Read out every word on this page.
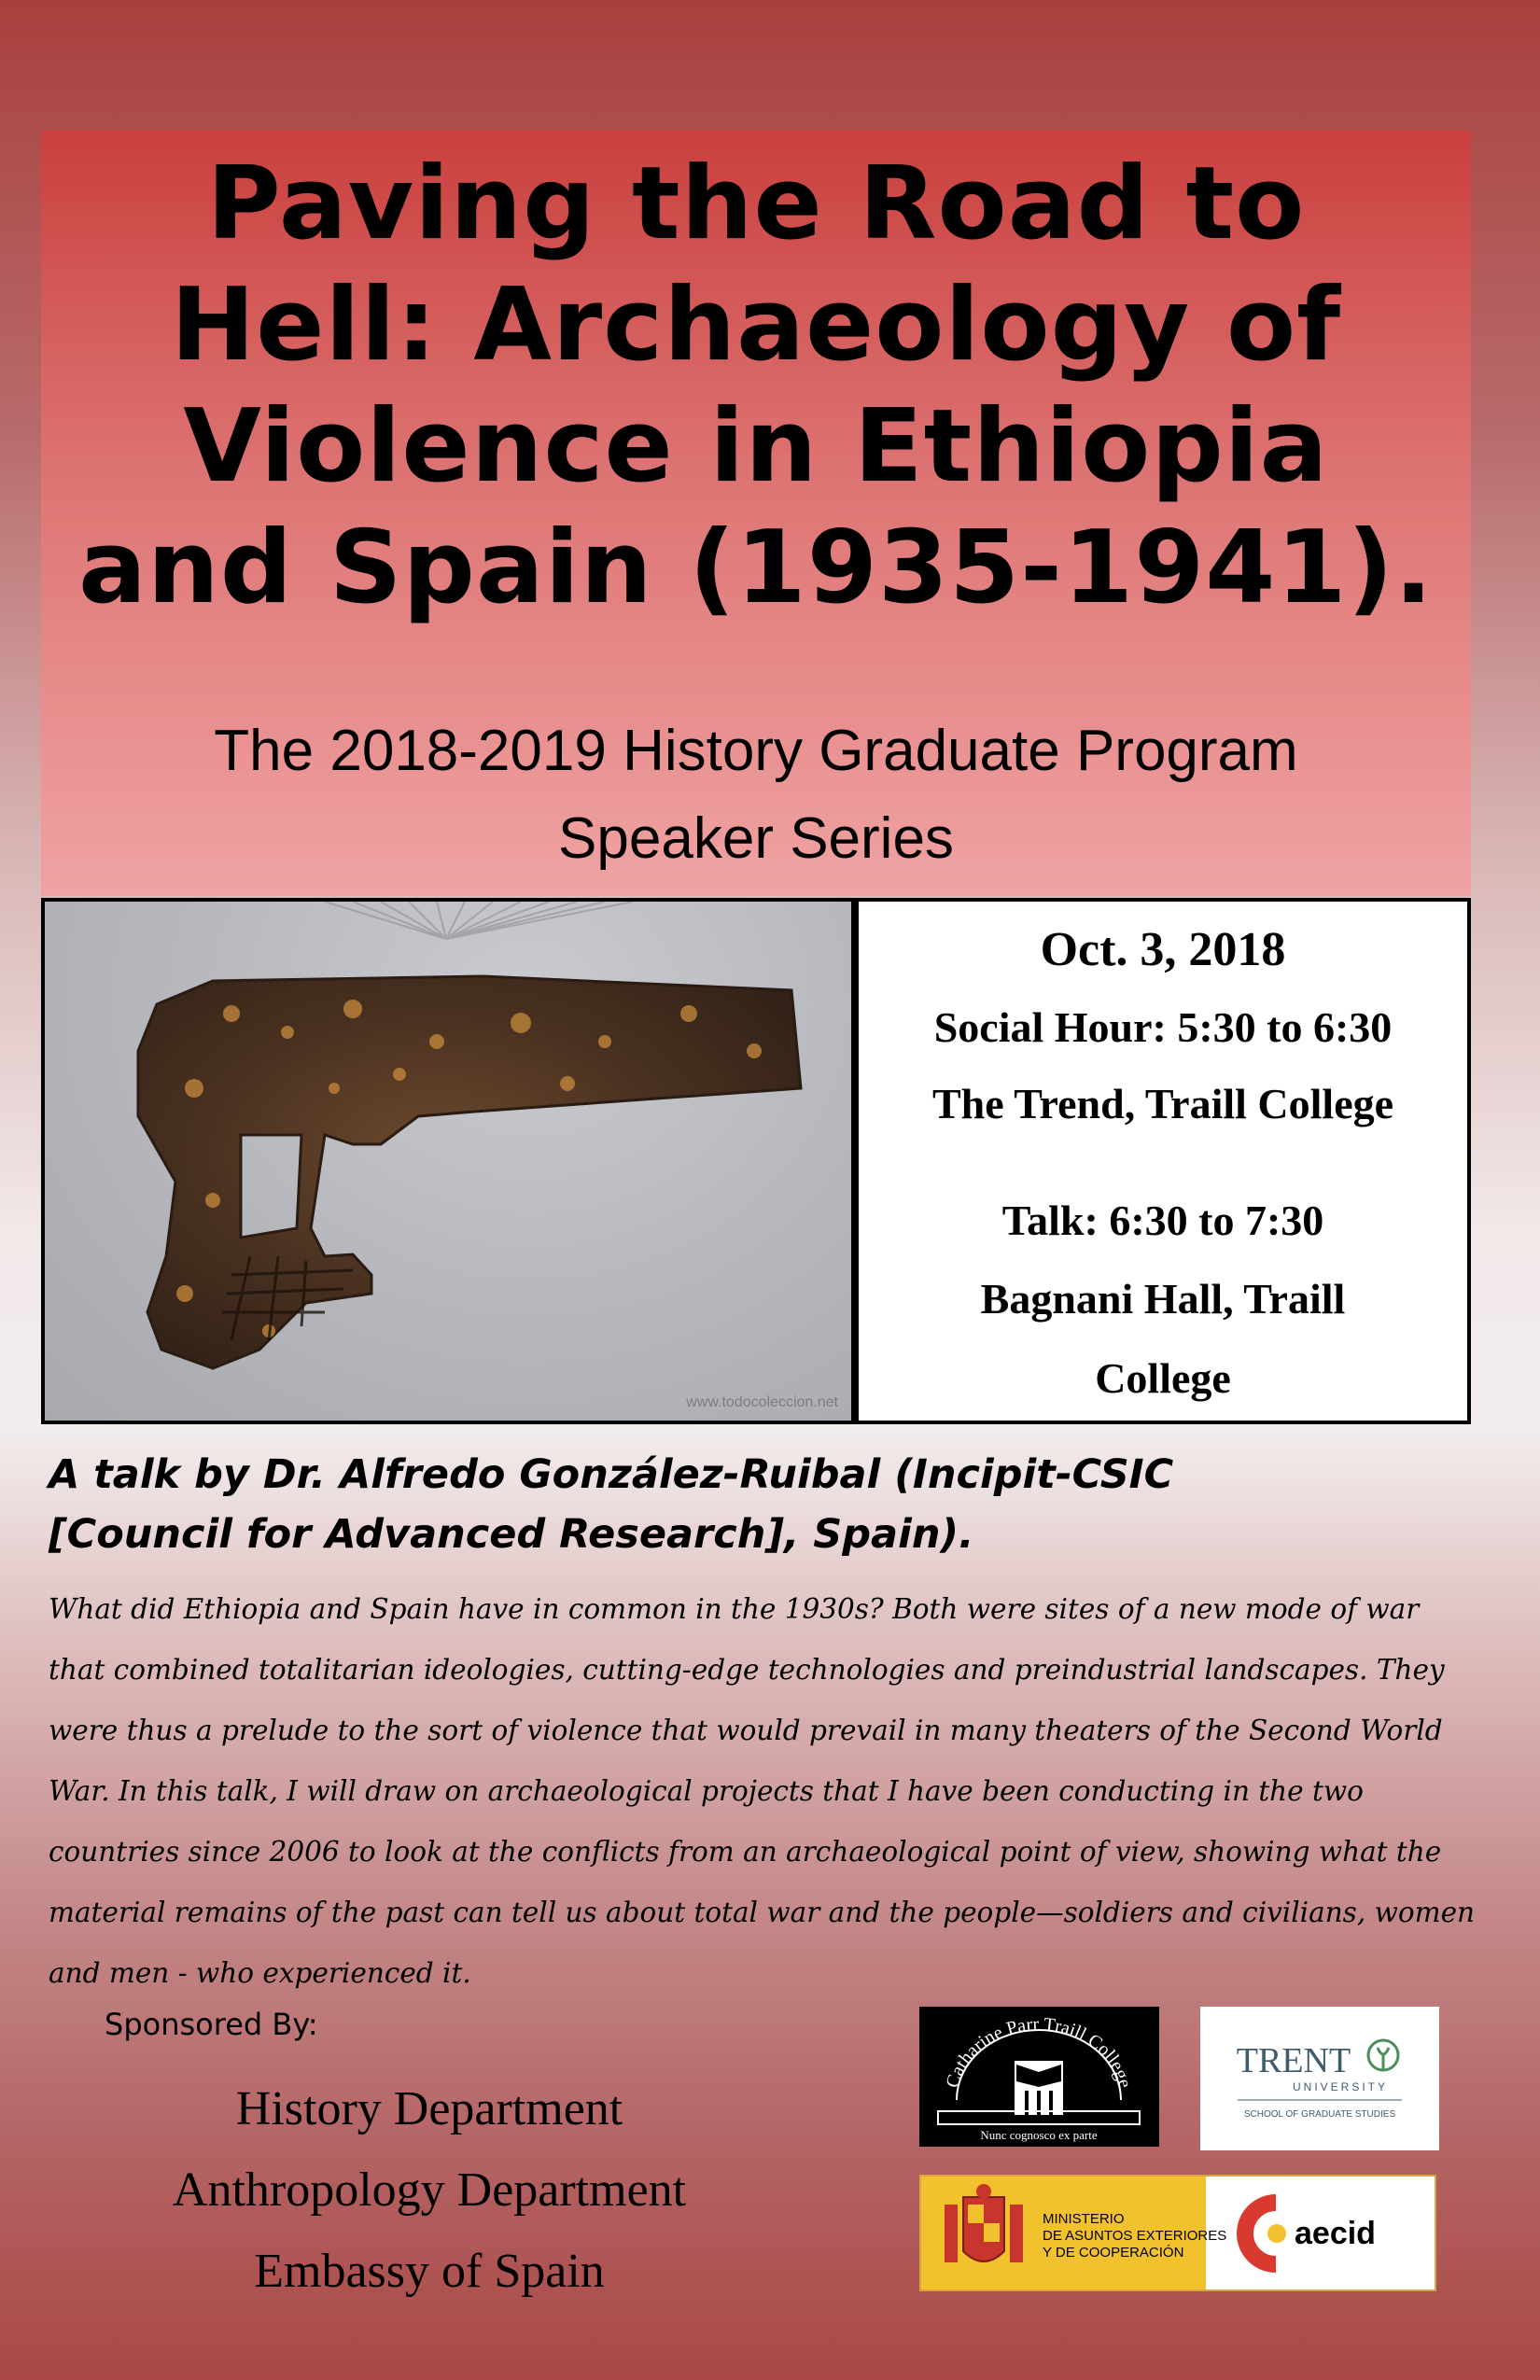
Paving the Road to
Hell: Archaeology of
Violence in Ethiopia
and Spain (1935-1941).
The 2018-2019 History Graduate Program
Speaker Series
www.todocoleccion.net
Oct. 3, 2018
Social Hour: 5:30 to 6:30
The Trend, Traill College
Talk: 6:30 to 7:30
Bagnani Hall, Traill
College
A talk by Dr. Alfredo González-Ruibal (Incipit-CSIC
[Council for Advanced Research], Spain).
What did Ethiopia and Spain have in common in the 1930s? Both were sites of a new mode of war
that combined totalitarian ideologies, cutting-edge technologies and preindustrial landscapes. They
were thus a prelude to the sort of violence that would prevail in many theaters of the Second World
War. In this talk, I will draw on archaeological projects that I have been conducting in the two
countries since 2006 to look at the conflicts from an archaeological point of view, showing what the
material remains of the past can tell us about total war and the people—soldiers and civilians, women
and men - who experienced it.
Sponsored By:
History Department
Anthropology Department
Embassy of Spain
Catharine Parr Traill College
Nunc cognosco ex parte
TRENT
UNIVERSITY
SCHOOL OF GRADUATE STUDIES
MINISTERIO
DE ASUNTOS EXTERIORES
Y DE COOPERACIÓN
aecid
